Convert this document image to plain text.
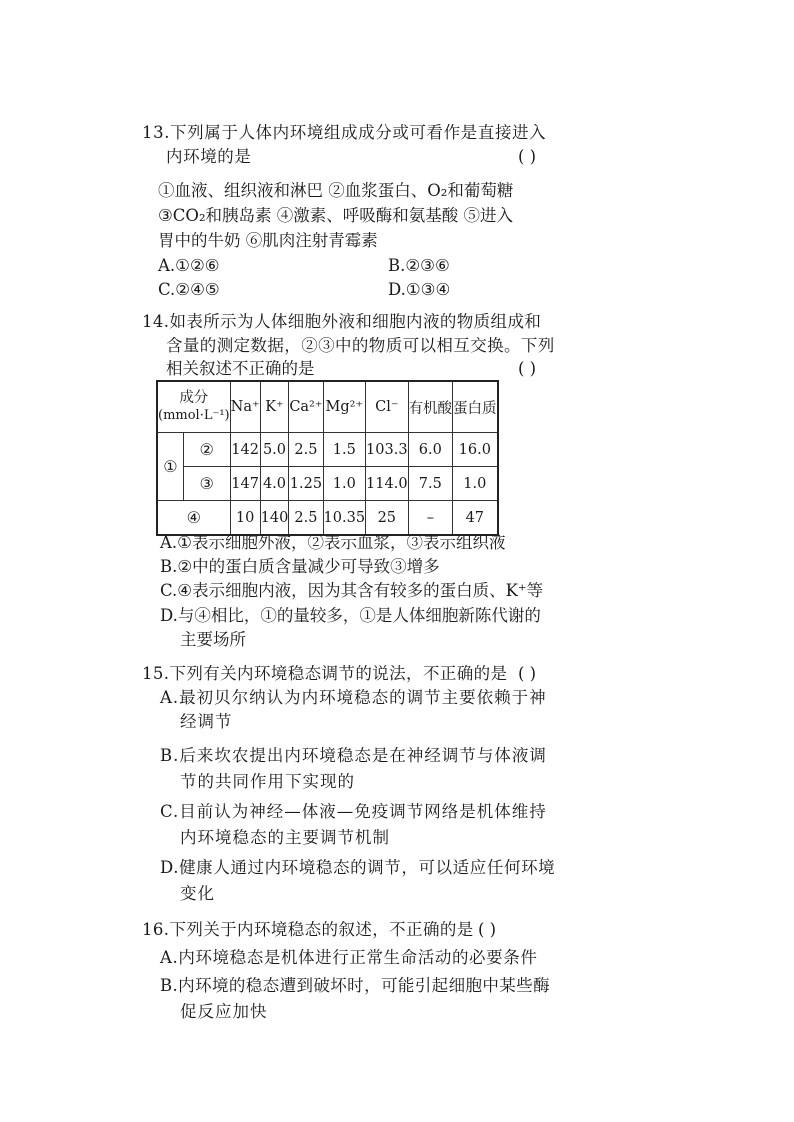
13.下列属于人体内环境组成成分或可看作是直接进入
内环境的是	( )
①血液、组织液和淋巴 ②血浆蛋白、O₂和葡萄糖
③CO₂和胰岛素 ④激素、呼吸酶和氨基酸 ⑤进入
胃中的牛奶 ⑥肌肉注射青霉素
A.①②⑥	B.②③⑥
C.②④⑤	D.①③④
14.如表所示为人体细胞外液和细胞内液的物质组成和
含量的测定数据，②③中的物质可以相互交换。下列
相关叙述不正确的是	( )
成分
(mmol·L⁻¹)		Na⁺	K⁺	Ca²⁺	Mg²⁺	Cl⁻	有机酸	蛋白质
①	②	142	5.0	2.5	1.5	103.3	6.0	16.0
	③	147	4.0	1.25	1.0	114.0	7.5	1.0
④		10	140	2.5	10.35	25	–	47
A.①表示细胞外液，②表示血浆，③表示组织液
B.②中的蛋白质含量减少可导致③增多
C.④表示细胞内液，因为其含有较多的蛋白质、K⁺等
D.与④相比，①的量较多，①是人体细胞新陈代谢的
主要场所
15.下列有关内环境稳态调节的说法，不正确的是 ( )
A.最初贝尔纳认为内环境稳态的调节主要依赖于神
经调节
B.后来坎农提出内环境稳态是在神经调节与体液调
节的共同作用下实现的
C.目前认为神经—体液—免疫调节网络是机体维持
内环境稳态的主要调节机制
D.健康人通过内环境稳态的调节，可以适应任何环境
变化
16.下列关于内环境稳态的叙述，不正确的是 ( )
A.内环境稳态是机体进行正常生命活动的必要条件
B.内环境的稳态遭到破坏时，可能引起细胞中某些酶
促反应加快
